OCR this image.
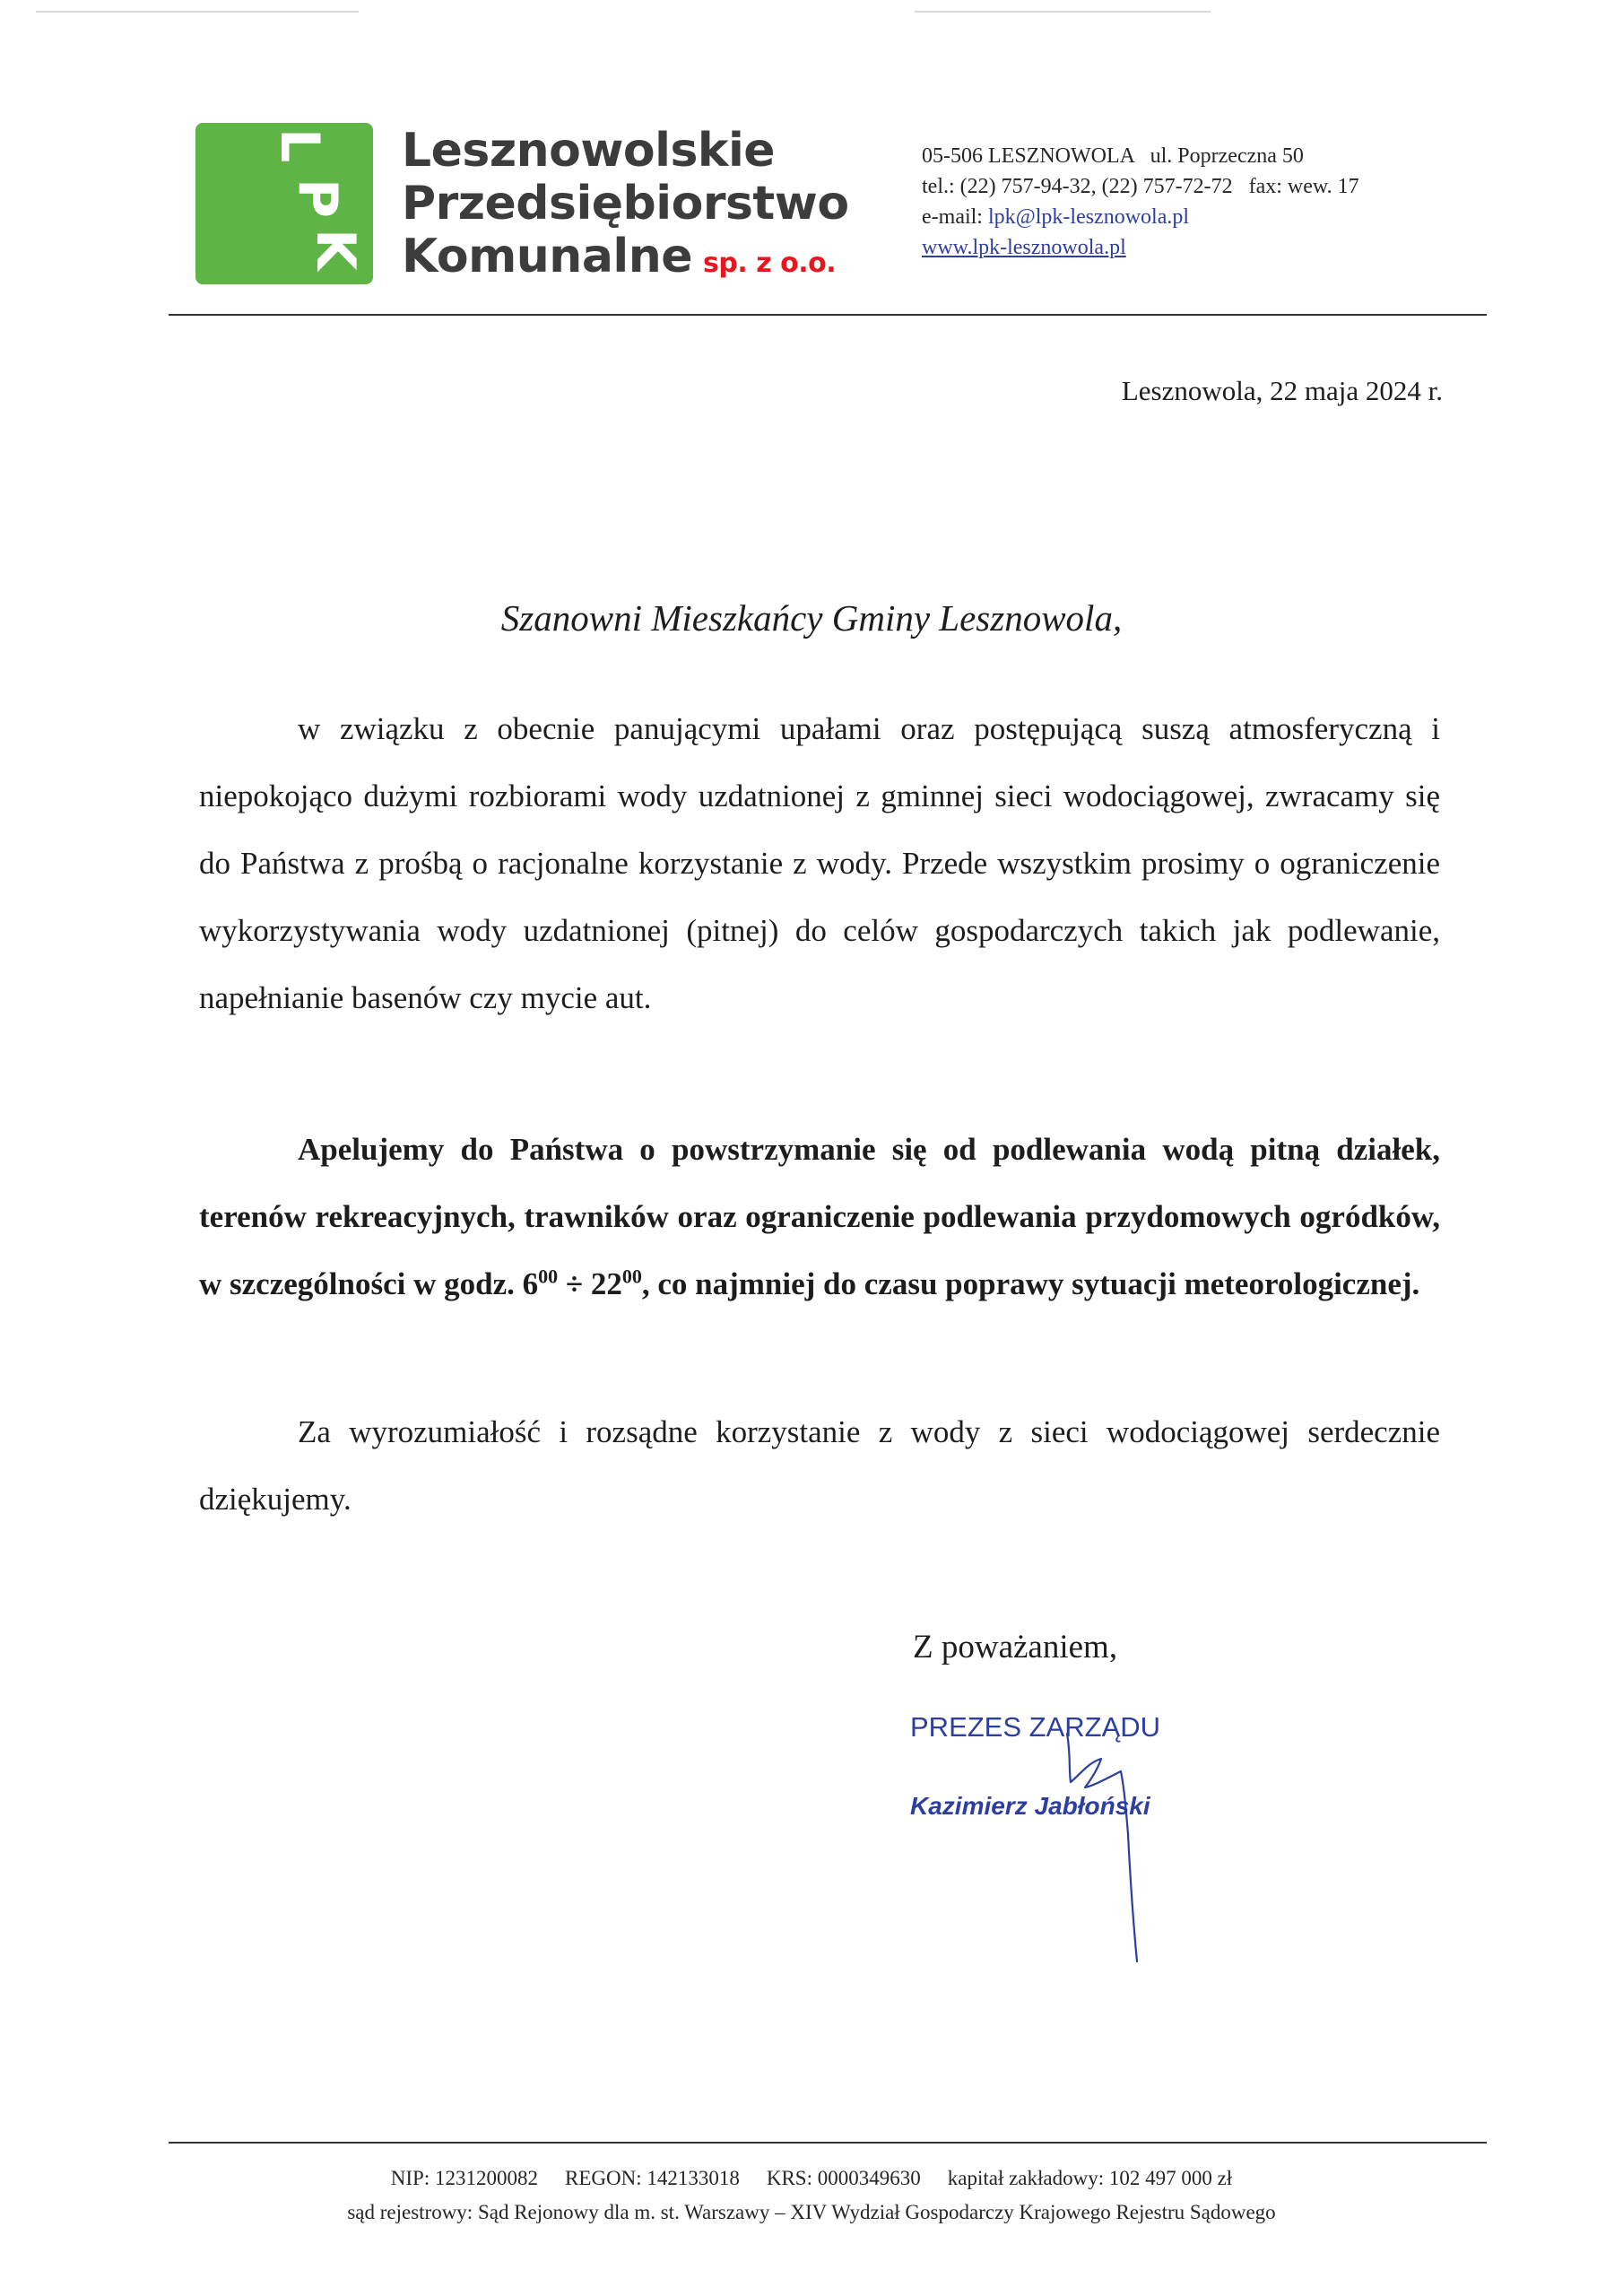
L
P
K
Lesznowolskie
Przedsiębiorstwo
Komunalne sp. z o.o.
05-506 LESZNOWOLA   ul. Poprzeczna 50
tel.: (22) 757-94-32, (22) 757-72-72   fax: wew. 17
e-mail: lpk@lpk-lesznowola.pl
www.lpk-lesznowola.pl
Lesznowola, 22 maja 2024 r.
Szanowni Mieszkańcy Gminy Lesznowola,

w związku z obecnie panującymi upałami oraz postępującą suszą atmosferyczną i niepokojąco dużymi rozbiorami wody uzdatnionej z gminnej sieci wodociągowej, zwracamy się do Państwa z prośbą o racjonalne korzystanie z wody. Przede wszystkim prosimy o ograniczenie wykorzystywania wody uzdatnionej (pitnej) do celów gospodarczych takich jak podlewanie, napełnianie basenów czy mycie aut.

Apelujemy do Państwa o powstrzymanie się od podlewania wodą pitną działek, terenów rekreacyjnych, trawników oraz ograniczenie podlewania przydomowych ogródków, w szczególności w godz. $6^{00} \div 22^{00}$, co najmniej do czasu poprawy sytuacji meteorologicznej.

Za wyrozumiałość i rozsądne korzystanie z wody z sieci wodociągowej serdecznie dziękujemy.

Z poważaniem,
PREZES ZARZĄDU
Kazimierz Jabłoński
NIP: 1231200082 REGON: 142133018 KRS: 0000349630 kapitał zakładowy: 102 497 000 zł
sąd rejestrowy: Sąd Rejonowy dla m. st. Warszawy – XIV Wydział Gospodarczy Krajowego Rejestru Sądowego
